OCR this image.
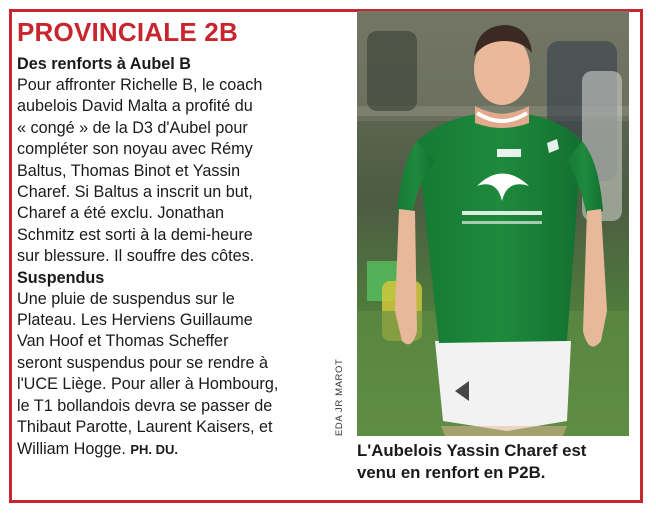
PROVINCIALE 2B
Des renforts à Aubel B
Pour affronter Richelle B, le coach
aubelois David Malta a profité du
« congé » de la D3 d'Aubel pour
compléter son noyau avec Rémy
Baltus, Thomas Binot et Yassin
Charef. Si Baltus a inscrit un but,
Charef a été exclu. Jonathan
Schmitz est sorti à la demi-heure
sur blessure. Il souffre des côtes.
Suspendus
Une pluie de suspendus sur le
Plateau. Les Herviens Guillaume
Van Hoof et Thomas Scheffer
seront suspendus pour se rendre à
l'UCE Liège. Pour aller à Hombourg,
le T1 bollandois devra se passer de
Thibaut Parotte, Laurent Kaisers, et
William Hogge. PH. DU.
EDA JR MAROT
L'Aubelois Yassin Charef est
venu en renfort en P2B.
